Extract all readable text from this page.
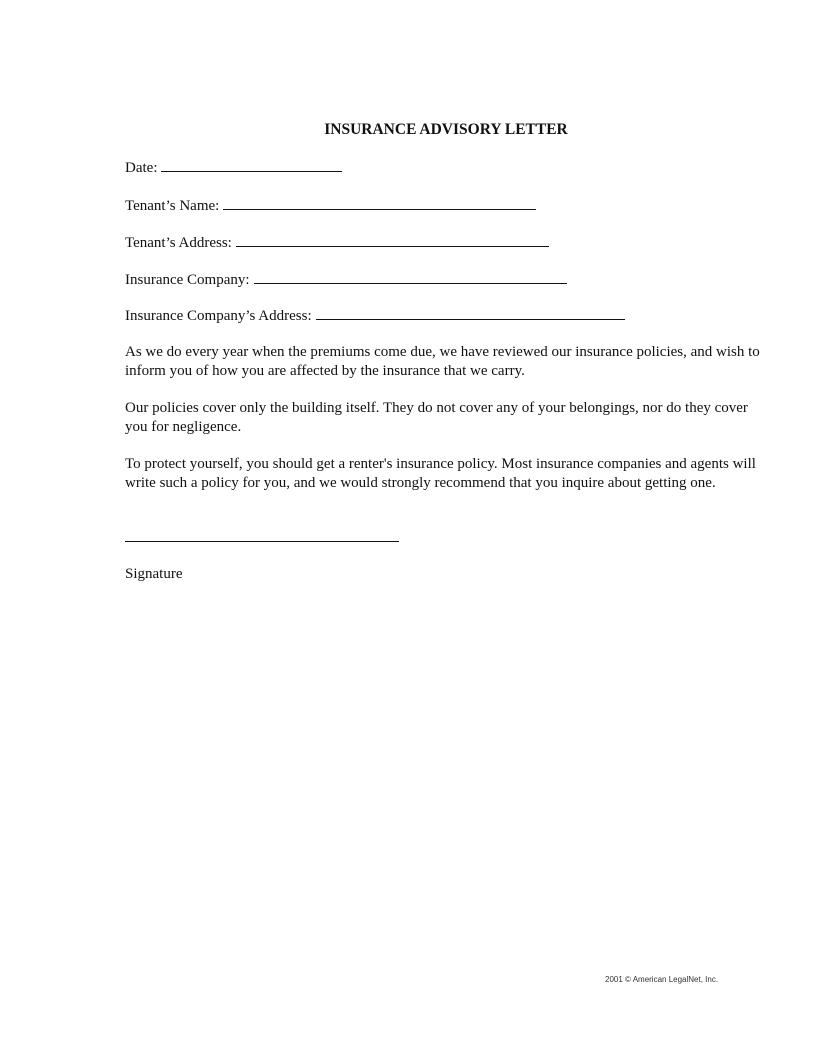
INSURANCE ADVISORY LETTER
Date:
Tenant’s Name:
Tenant’s Address:
Insurance Company:
Insurance Company’s Address:
As we do every year when the premiums come due, we have reviewed our insurance policies, and wish to inform you of how you are affected by the insurance that we carry.
Our policies cover only the building itself. They do not cover any of your belongings, nor do they cover you for negligence.
To protect yourself, you should get a renter's insurance policy. Most insurance companies and agents will write such a policy for you, and we would strongly recommend that you inquire about getting one.
Signature
2001 © American LegalNet, Inc.
